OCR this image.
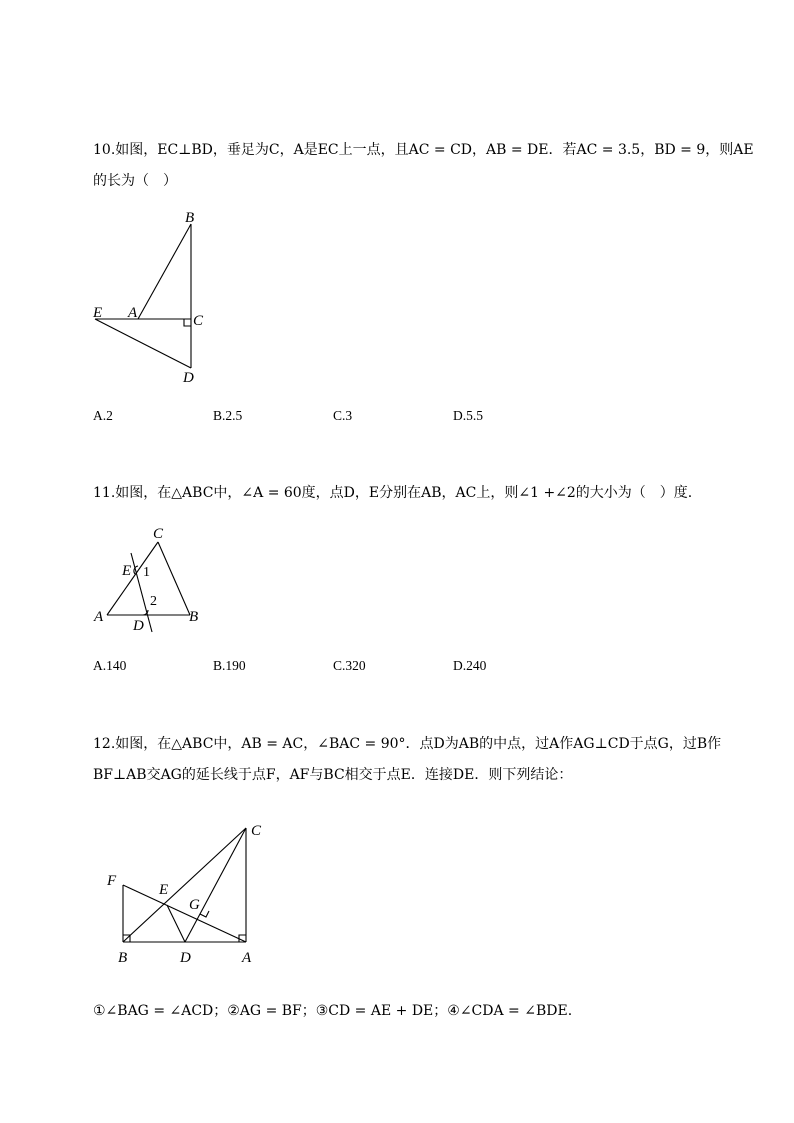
10.如图，EC⊥BD，垂足为C，A是EC上一点，且AC = CD，AB = DE．若AC = 3.5，BD = 9，则AE
的长为（　）
B
E A	C
D
A.2	B.2.5	C.3	D.5.5
11.如图，在△ABC中，∠A = 60度，点D，E分别在AB，AC上，则∠1 +∠2的大小为（　）度.
C
E 1
2
A
D
B
A.140	B.190	C.320	D.240
12.如图，在△ABC中，AB = AC，∠BAC = 90°．点D为AB的中点，过A作AG⊥CD于点G，过B作
BF⊥AB交AG的延长线于点F，AF与BC相交于点E．连接DE．则下列结论：
C
F
E
G
B	D	A
①∠BAG = ∠ACD；②AG = BF；③CD = AE + DE；④∠CDA = ∠BDE.
